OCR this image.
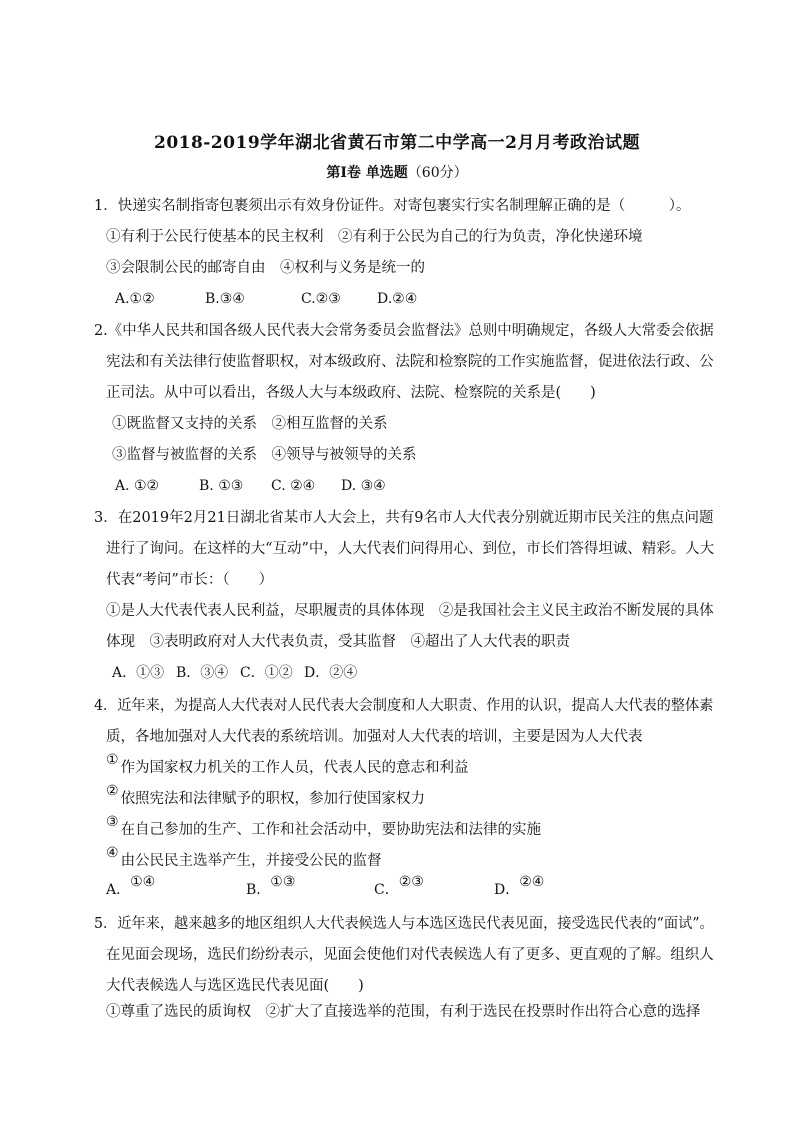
2018-2019学年湖北省黄石市第二中学高一2月月考政治试题
第I卷 单选题（60分）
1．快递实名制指寄包裹须出示有效身份证件。对寄包裹实行实名制理解正确的是（　　　）。
①有利于公民行使基本的民主权利　②有利于公民为自己的行为负责，净化快递环境
③会限制公民的邮寄自由　④权利与义务是统一的
A.①②	B.③④	C.②③	D.②④
2.《中华人民共和国各级人民代表大会常务委员会监督法》总则中明确规定，各级人大常委会依据
宪法和有关法律行使监督职权，对本级政府、法院和检察院的工作实施监督，促进依法行政、公
正司法。从中可以看出，各级人大与本级政府、法院、检察院的关系是(　　)
①既监督又支持的关系　②相互监督的关系
③监督与被监督的关系　④领导与被领导的关系
A. ①②	B. ①③ C. ②④ D. ③④
3．在2019年2月21日湖北省某市人大会上，共有9名市人大代表分别就近期市民关注的焦点问题
进行了询问。在这样的大“互动”中，人大代表们问得用心、到位，市长们答得坦诚、精彩。人大
代表“考问”市长：（　　）
①是人大代表代表人民利益，尽职履责的具体体现　②是我国社会主义民主政治不断发展的具体
体现　③表明政府对人大代表负责，受其监督　④超出了人大代表的职责
A．①③ B．③④ C．①② D．②④
4．近年来，为提高人大代表对人民代表大会制度和人大职责、作用的认识，提高人大代表的整体素
质，各地加强对人大代表的系统培训。加强对人大代表的培训，主要是因为人大代表
① 作为国家权力机关的工作人员，代表人民的意志和利益
② 依照宪法和法律赋予的职权，参加行使国家权力
③ 在自己参加的生产、工作和社会活动中，要协助宪法和法律的实施
④ 由公民民主选举产生，并接受公民的监督
A．①④	B．①③	C．②③	D．②④
5．近年来，越来越多的地区组织人大代表候选人与本选区选民代表见面，接受选民代表的“面试”。
在见面会现场，选民们纷纷表示，见面会使他们对代表候选人有了更多、更直观的了解。组织人
大代表候选人与选区选民代表见面(　　)
①尊重了选民的质询权　②扩大了直接选举的范围，有利于选民在投票时作出符合心意的选择
